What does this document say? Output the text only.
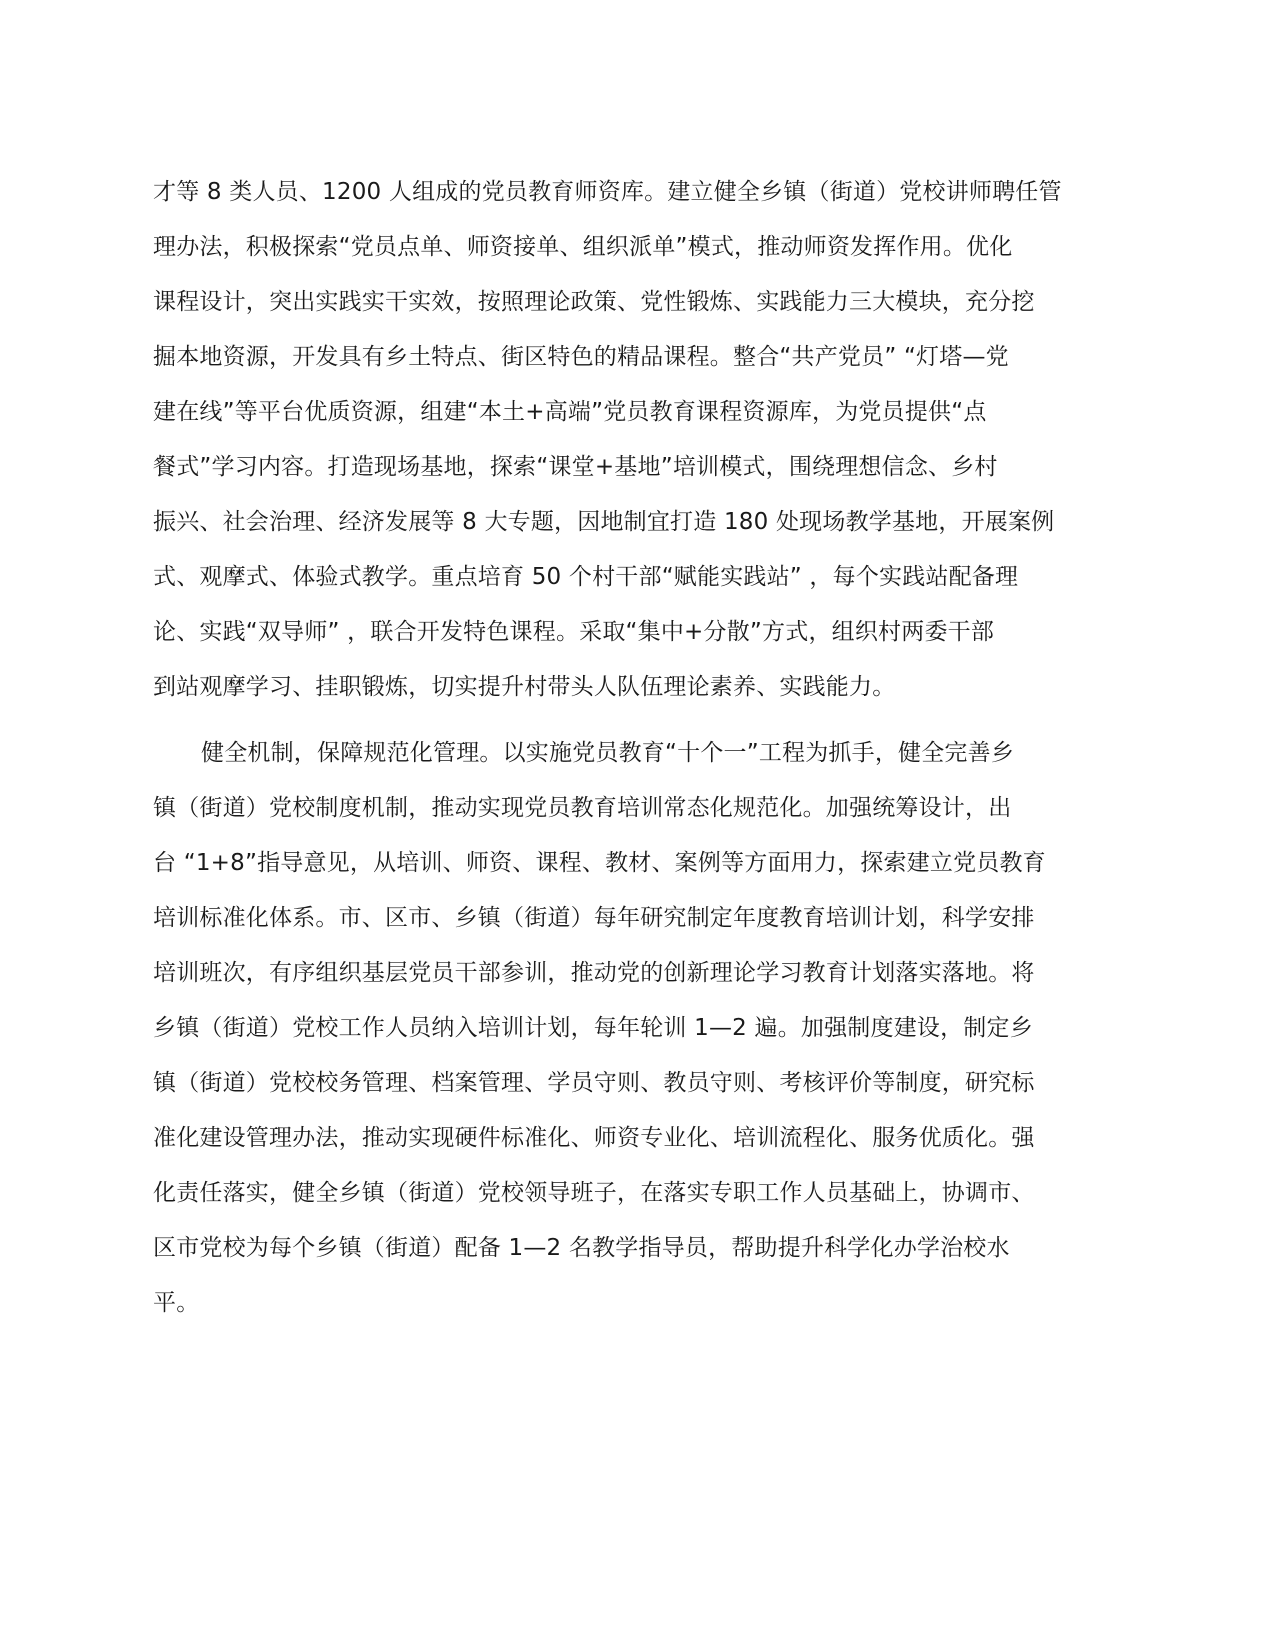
才等 8 类人员、1200 人组成的党员教育师资库。建立健全乡镇（街道）党校讲师聘任管
理办法，积极探索“党员点单、师资接单、组织派单”模式，推动师资发挥作用。优化
课程设计，突出实践实干实效，按照理论政策、党性锻炼、实践能力三大模块，充分挖
掘本地资源，开发具有乡土特点、街区特色的精品课程。整合“共产党员” “灯塔—党
建在线”等平台优质资源，组建“本土+高端”党员教育课程资源库，为党员提供“点
餐式”学习内容。打造现场基地，探索“课堂+基地”培训模式，围绕理想信念、乡村
振兴、社会治理、经济发展等 8 大专题，因地制宜打造 180 处现场教学基地，开展案例
式、观摩式、体验式教学。重点培育 50 个村干部“赋能实践站” ，每个实践站配备理
论、实践“双导师” ，联合开发特色课程。采取“集中+分散”方式，组织村两委干部
到站观摩学习、挂职锻炼，切实提升村带头人队伍理论素养、实践能力。
健全机制，保障规范化管理。以实施党员教育“十个一”工程为抓手，健全完善乡
镇（街道）党校制度机制，推动实现党员教育培训常态化规范化。加强统筹设计，出
台 “1+8”指导意见，从培训、师资、课程、教材、案例等方面用力，探索建立党员教育
培训标准化体系。市、区市、乡镇（街道）每年研究制定年度教育培训计划，科学安排
培训班次，有序组织基层党员干部参训，推动党的创新理论学习教育计划落实落地。将
乡镇（街道）党校工作人员纳入培训计划，每年轮训 1—2 遍。加强制度建设，制定乡
镇（街道）党校校务管理、档案管理、学员守则、教员守则、考核评价等制度，研究标
准化建设管理办法，推动实现硬件标准化、师资专业化、培训流程化、服务优质化。强
化责任落实，健全乡镇（街道）党校领导班子，在落实专职工作人员基础上，协调市、
区市党校为每个乡镇（街道）配备 1—2 名教学指导员，帮助提升科学化办学治校水
平。
